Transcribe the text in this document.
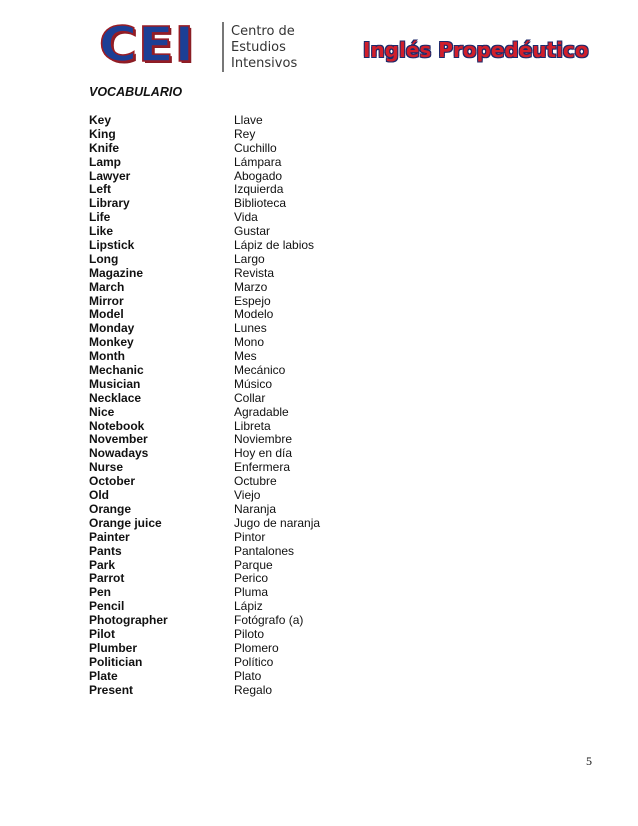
CEI	Centro de
Estudios
Intensivos
Inglés Propedéutico
VOCABULARIO
Key	Llave
King	Rey
Knife	Cuchillo
Lamp	Lámpara
Lawyer	Abogado
Left	Izquierda
Library	Biblioteca
Life	Vida
Like	Gustar
Lipstick	Lápiz de labios
Long	Largo
Magazine	Revista
March	Marzo
Mirror	Espejo
Model	Modelo
Monday	Lunes
Monkey	Mono
Month	Mes
Mechanic	Mecánico
Musician	Músico
Necklace	Collar
Nice	Agradable
Notebook	Libreta
November	Noviembre
Nowadays	Hoy en día
Nurse	Enfermera
October	Octubre
Old	Viejo
Orange	Naranja
Orange juice	Jugo de naranja
Painter	Pintor
Pants	Pantalones
Park	Parque
Parrot	Perico
Pen	Pluma
Pencil	Lápiz
Photographer	Fotógrafo (a)
Pilot	Piloto
Plumber	Plomero
Politician	Político
Plate	Plato
Present	Regalo
5
